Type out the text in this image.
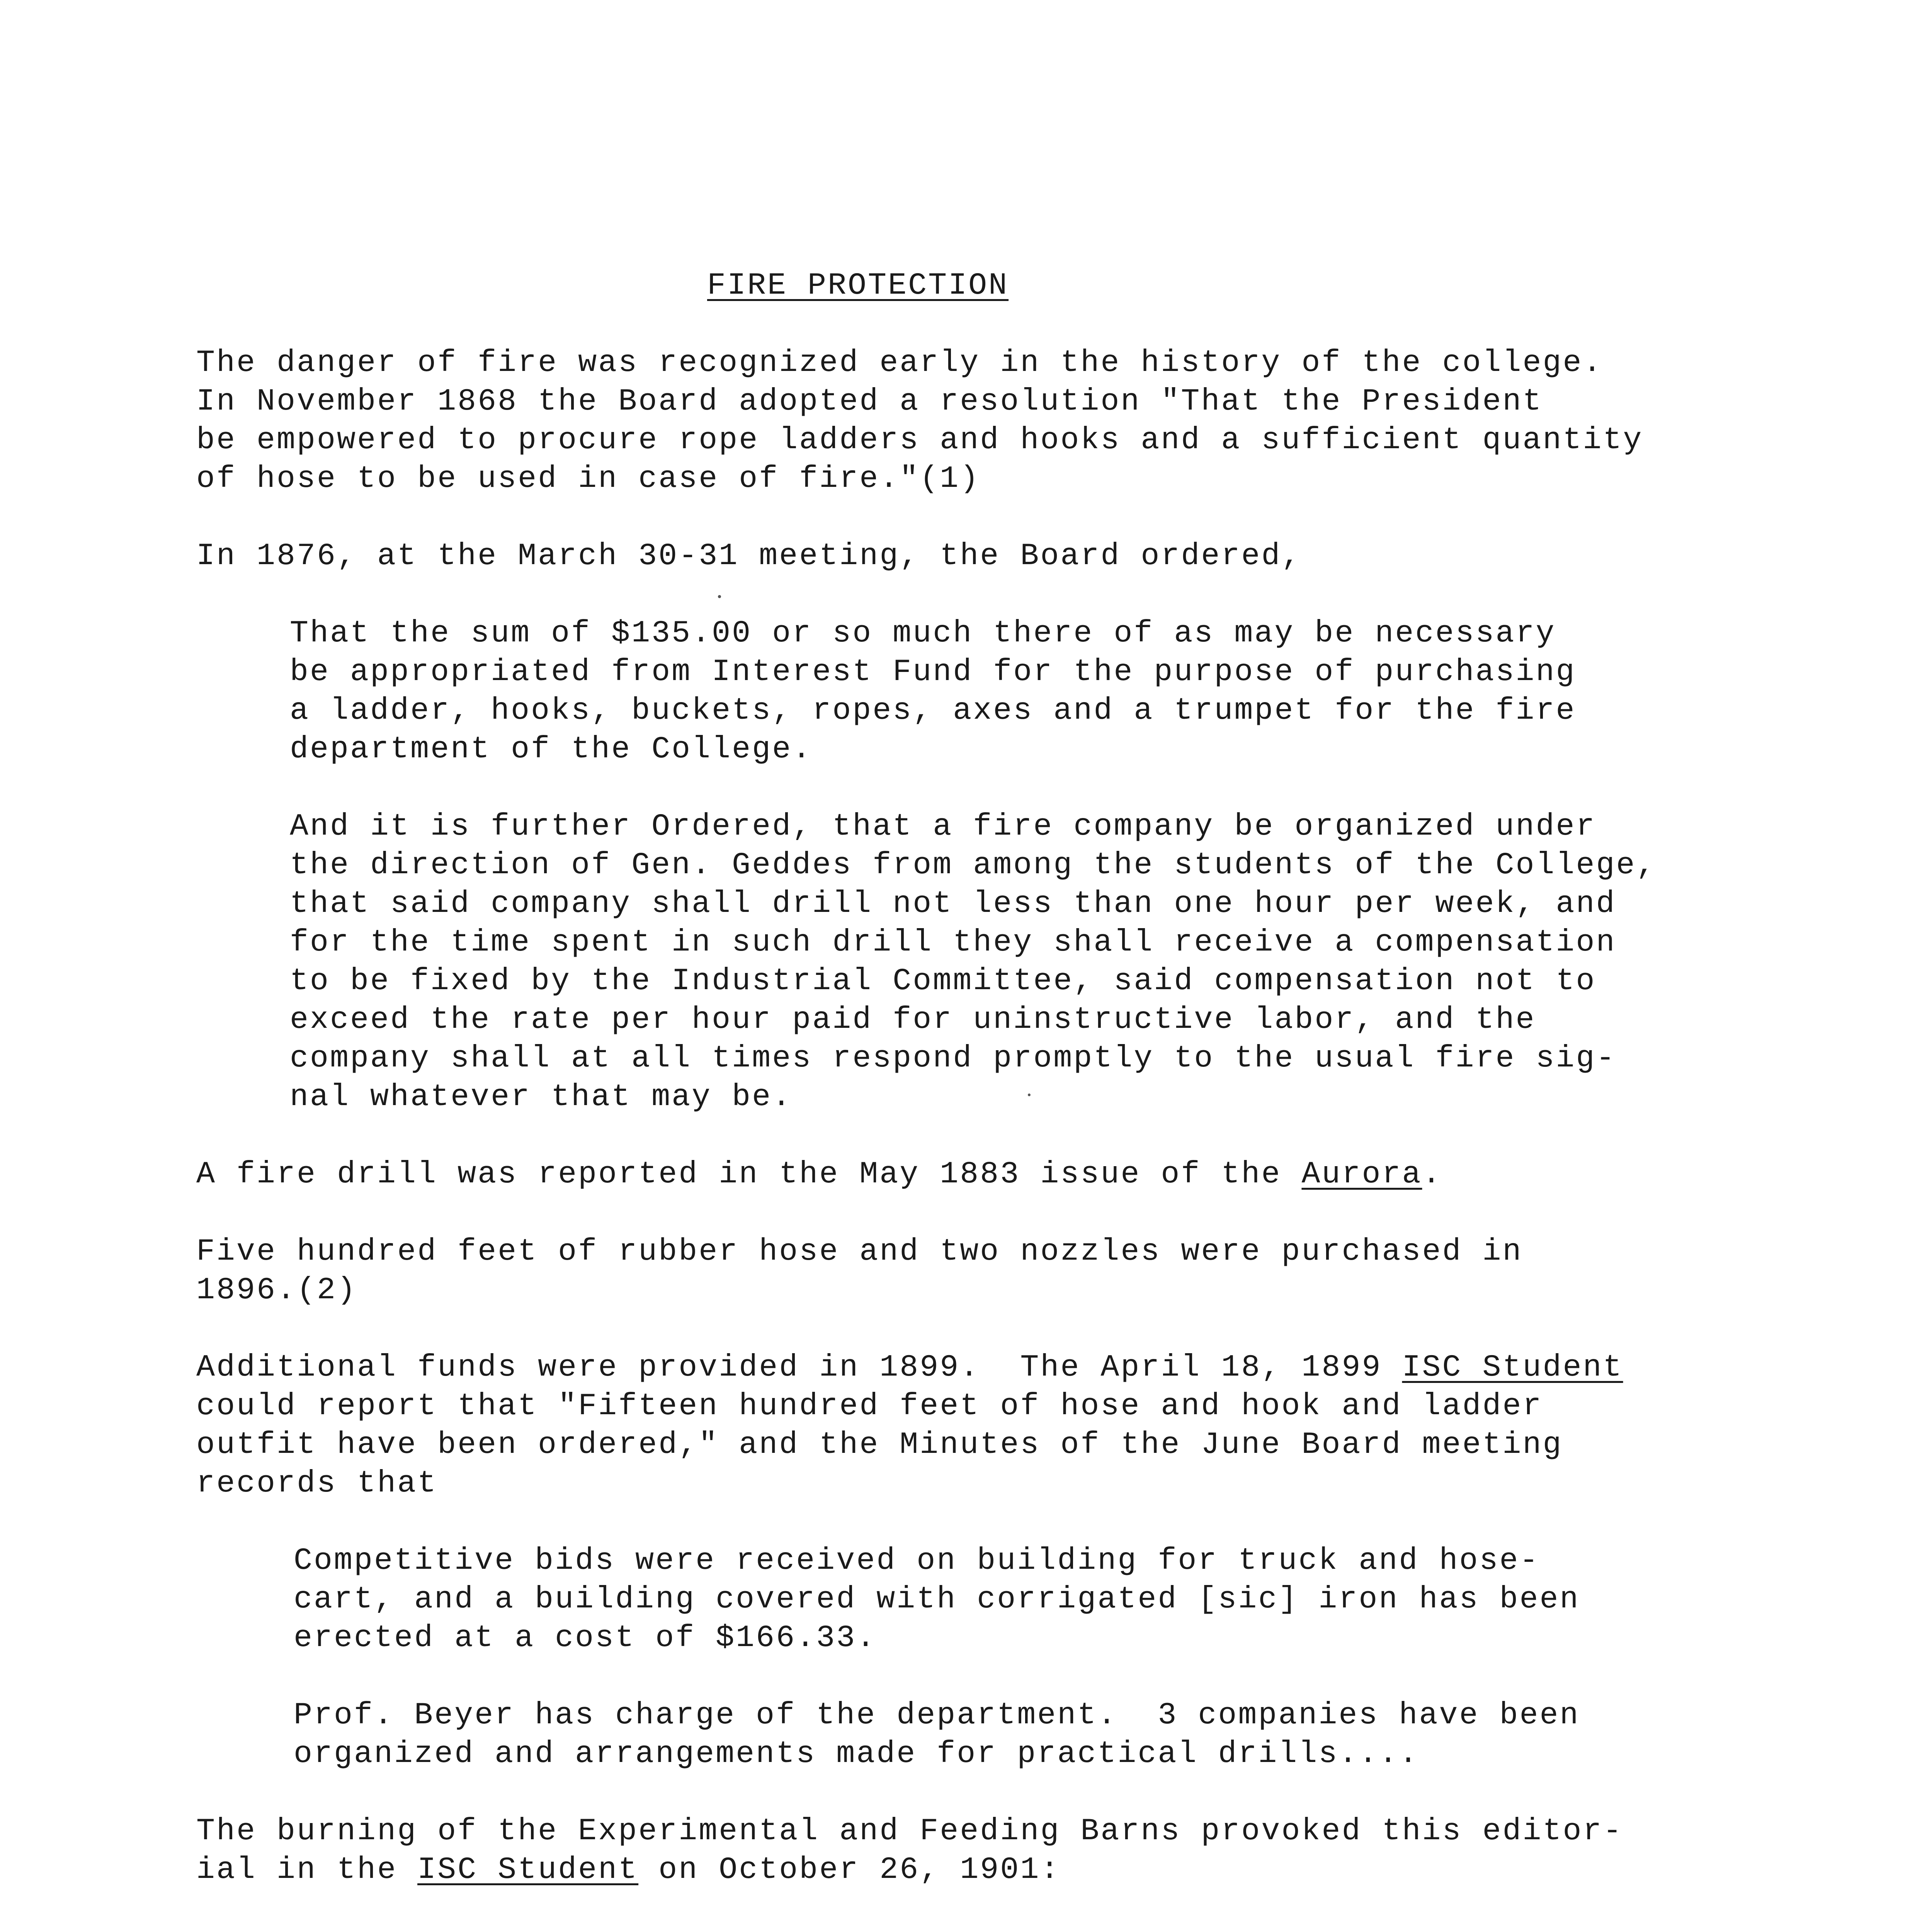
FIRE PROTECTION
The danger of fire was recognized early in the history of the college.
In November 1868 the Board adopted a resolution "That the President
be empowered to procure rope ladders and hooks and a sufficient quantity
of hose to be used in case of fire."(1)
In 1876, at the March 30-31 meeting, the Board ordered,
That the sum of $135.00 or so much there of as may be necessary
be appropriated from Interest Fund for the purpose of purchasing
a ladder, hooks, buckets, ropes, axes and a trumpet for the fire
department of the College.
And it is further Ordered, that a fire company be organized under
the direction of Gen. Geddes from among the students of the College,
that said company shall drill not less than one hour per week, and
for the time spent in such drill they shall receive a compensation
to be fixed by the Industrial Committee, said compensation not to
exceed the rate per hour paid for uninstructive labor, and the
company shall at all times respond promptly to the usual fire sig-
nal whatever that may be.
A fire drill was reported in the May 1883 issue of the Aurora.
Five hundred feet of rubber hose and two nozzles were purchased in
1896.(2)
Additional funds were provided in 1899.  The April 18, 1899 ISC Student
could report that "Fifteen hundred feet of hose and hook and ladder
outfit have been ordered," and the Minutes of the June Board meeting
records that
Competitive bids were received on building for truck and hose-
cart, and a building covered with corrigated [sic] iron has been
erected at a cost of $166.33.
Prof. Beyer has charge of the department.  3 companies have been
organized and arrangements made for practical drills....
The burning of the Experimental and Feeding Barns provoked this editor-
ial in the ISC Student on October 26, 1901:
